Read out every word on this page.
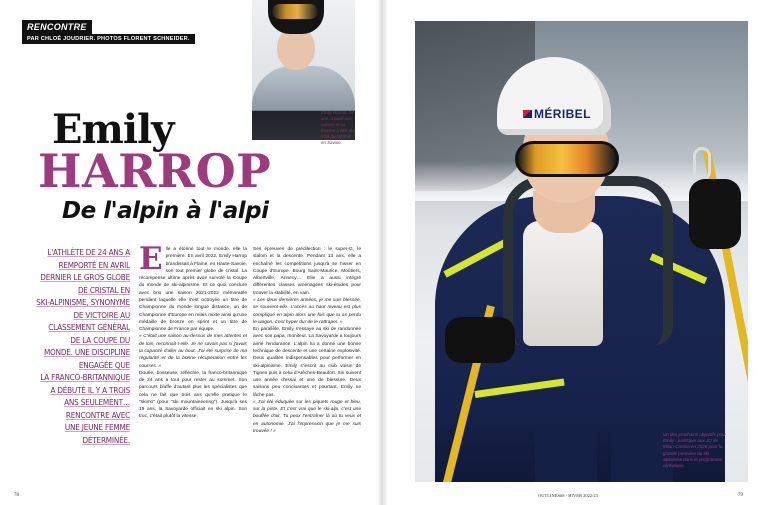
RENCONTRE
PAR CHLOÉ JOUDRIER. PHOTOS FLORENT SCHNEIDER.
Emily Harrop, 24 ans, a posé ses valises et sa housse à skis du côté de Méribel en Savoie.
Emily
HARROP
De l'alpin à l'alpi
L'ATHLÈTE DE 24 ANS A
REMPORTÉ EN AVRIL
DERNIER LE GROS GLOBE
DE CRISTAL EN
SKI-ALPINISME, SYNONYME
DE VICTOIRE AU
CLASSEMENT GÉNÉRAL
DE LA COUPE DU
MONDE. UNE DISCIPLINE
ENGAGÉE QUE
LA FRANCO-BRITANNIQUE
A DÉBUTÉ IL Y A TROIS
ANS SEULEMENT…
RENCONTRE AVEC
UNE JEUNE FEMME
DÉTERMINÉE.
E lle a étonné tout le monde, elle la première. En avril 2022, Emily Harrop brandissait à Flaine, en Haute-Savoie, son tout premier globe de cristal. La récompense ultime après avoir survolé la Coupe du monde de ski-alpinisme. Et ce quoi conclure avec brio une saison 2021-2022 mémorable pendant laquelle elle s'est octroyée un titre de Championne du monde longue distance, un de Championne d'Europe en relais mixte ainsi qu'une médaille de bronze en sprint et un titre de Championne de France par équipe.

« C'était une saison au-dessus de mes attentes et de loin, reconnait-t-elle. Je ne savais pas si j'avais la capacité d'aller au bout. J'ai été surprise de ma régularité et de la bonne récupération entre les courses. »

Douée, bosseuse, réfléchie, la franco-britannique de 24 ans a tout pour rester au sommet. Son parcours bluffe d'autant plus les spécialistes que cela ne fait que trois ans qu'elle pratique le "skimo" (pour "ski mountaineering"). Jusqu'à ses 19 ans, la Savoyarde officiait en ski alpin. Son truc, c'était plutôt la vitesse.

Ses épreuves de prédilection : le super-G, le slalom et la descente. Pendant 13 ans, elle a enchaîné les compétitions jusqu'à se hisser en Coupe d'Europe. Bourg Saint-Maurice, Moûtiers, Albertville, Annecy… Elle a aussi intégré différentes classes aménagées ski-études pour trouver la stabilité, en vain.

« Les deux dernières années, je me suis blessée, se souvient-elle. L'accès au haut niveau est plus compliqué en alpin alors une fois que tu as perdu le wagon, c'est hyper dur de le rattraper. »

En parallèle, Emily s'essaye au ski de randonnée avec son papa, moniteur. La Savoyarde a toujours aimé l'endurance. L'alpin lui a donné une bonne technique de descente et une certaine explosivité. Deux qualités indispensables pour performer en ski-alpinisme. Emily s'inscrit au club voisin de Tignes puis à celui d'Arêches-Beaufort. Sin suivent une année d'essai et une de blessure. Deux saisons peu concluantes et pourtant, Emily ne lâche pas.

« J'ai été éduquée sur les piquets rouge et bleu, sur la piste. Et c'est vrai que le ski-alpi, c'est une bouffée d'air. Tu peux t'entraîner là où tu veux et en autonomie. J'ai l'impression que je me suis trouvée ! »

78
MÉRIBEL
Un des prochains objectifs pour Emily : participer aux JO de Milan-Cortina en 2026 pour la grande première du ski-alpinisme dans le programme olympique.
OUTLINES#8 - HIVER 2022/23	79
